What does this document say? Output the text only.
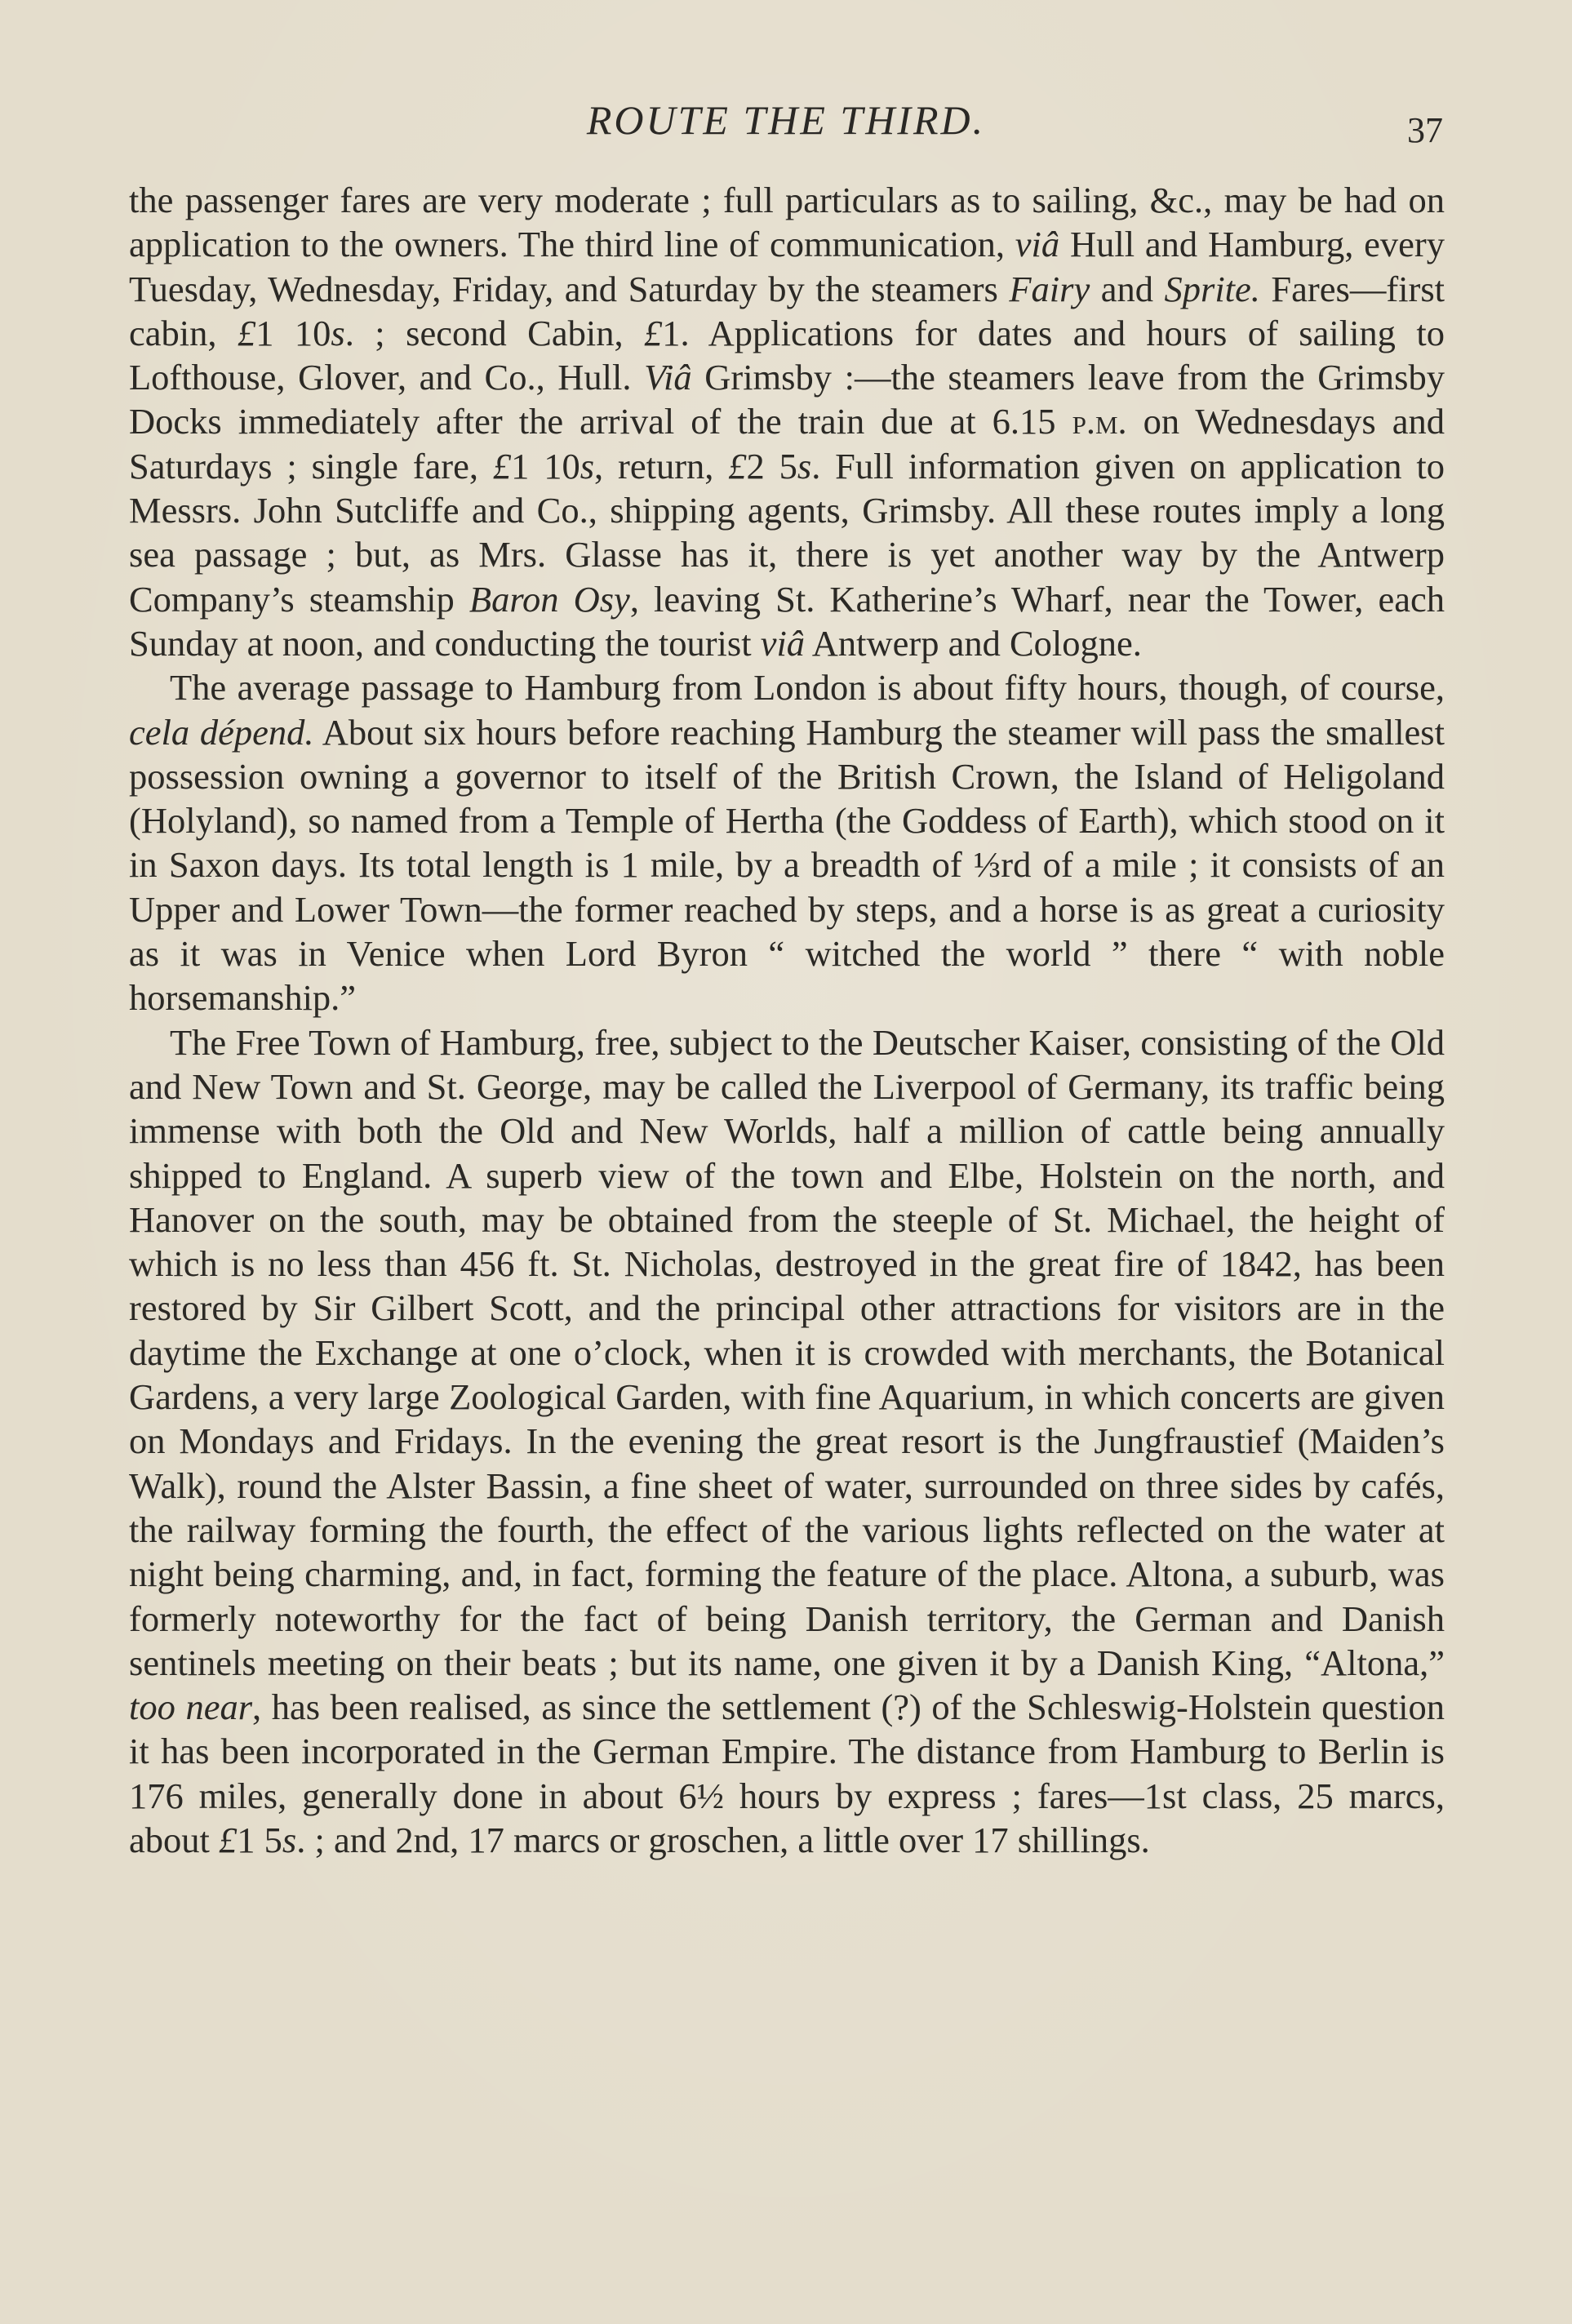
ROUTE THE THIRD.	37

the passenger fares are very moderate ; full particulars as to sailing, &c., may be had on application to the owners. The third line of communication, viâ Hull and Hamburg, every Tuesday, Wednesday, Friday, and Saturday by the steamers Fairy and Sprite. Fares—first cabin, £1 10s. ; second Cabin, £1. Applications for dates and hours of sailing to Lofthouse, Glover, and Co., Hull. Viâ Grimsby :—the steamers leave from the Grimsby Docks immediately after the arrival of the train due at 6.15 p.m. on Wednesdays and Saturdays ; single fare, £1 10s, return, £2 5s. Full information given on application to Messrs. John Sutcliffe and Co., shipping agents, Grimsby. All these routes imply a long sea passage ; but, as Mrs. Glasse has it, there is yet another way by the Antwerp Company’s steamship Baron Osy, leaving St. Katherine’s Wharf, near the Tower, each Sunday at noon, and conducting the tourist viâ Antwerp and Cologne.

The average passage to Hamburg from London is about fifty hours, though, of course, cela dépend. About six hours before reaching Hamburg the steamer will pass the smallest possession owning a governor to itself of the British Crown, the Island of Heligoland (Holyland), so named from a Temple of Hertha (the Goddess of Earth), which stood on it in Saxon days. Its total length is 1 mile, by a breadth of ⅓rd of a mile ; it consists of an Upper and Lower Town—the former reached by steps, and a horse is as great a curiosity as it was in Venice when Lord Byron “ witched the world ” there “ with noble horsemanship.”

The Free Town of Hamburg, free, subject to the Deutscher Kaiser, consisting of the Old and New Town and St. George, may be called the Liverpool of Germany, its traffic being immense with both the Old and New Worlds, half a million of cattle being annually shipped to England. A superb view of the town and Elbe, Holstein on the north, and Hanover on the south, may be obtained from the steeple of St. Michael, the height of which is no less than 456 ft. St. Nicholas, destroyed in the great fire of 1842, has been restored by Sir Gilbert Scott, and the principal other attractions for visitors are in the daytime the Exchange at one o’clock, when it is crowded with merchants, the Botanical Gardens, a very large Zoological Garden, with fine Aquarium, in which concerts are given on Mondays and Fridays. In the evening the great resort is the Jungfraustief (Maiden’s Walk), round the Alster Bassin, a fine sheet of water, surrounded on three sides by cafés, the railway forming the fourth, the effect of the various lights reflected on the water at night being charming, and, in fact, forming the feature of the place. Altona, a suburb, was formerly noteworthy for the fact of being Danish territory, the German and Danish sentinels meeting on their beats ; but its name, one given it by a Danish King, “Altona,” too near, has been realised, as since the settlement (?) of the Schleswig-Holstein question it has been incorporated in the German Empire. The distance from Hamburg to Berlin is 176 miles, generally done in about 6½ hours by express ; fares—1st class, 25 marcs, about £1 5s. ; and 2nd, 17 marcs or groschen, a little over 17 shillings.
